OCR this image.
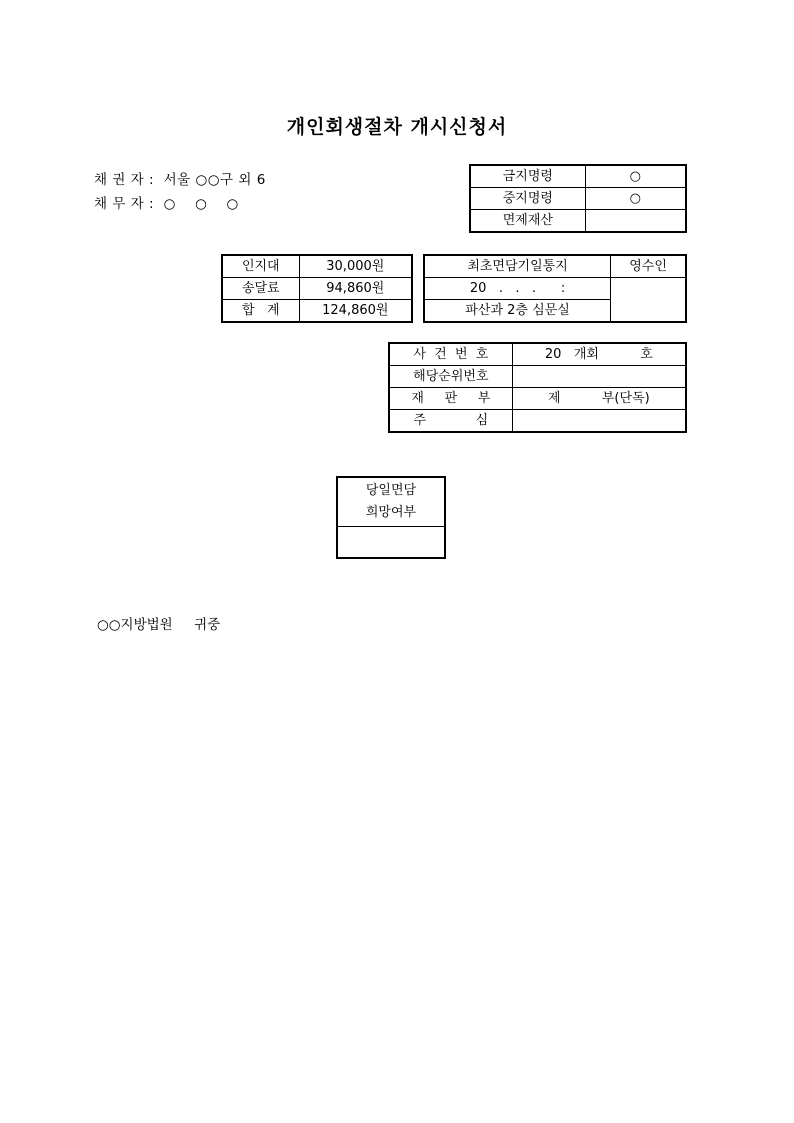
개인회생절차 개시신청서
채 권 자 :  서울 ○○구 외 6
채 무 자 :  ○    ○    ○
금지명령	○
중지명령	○
면제재산	
인지대	30,000원
송달료	94,860원
합   계	124,860원
최초면담기일통지	영수인
20   .   .   .      :	
파산과 2층 심문실	
사  건  번  호	20   개회          호
해당순위번호	
재     판     부	제          부(단독)
주            심	
당일면담
희망여부

○○지방법원     귀중
